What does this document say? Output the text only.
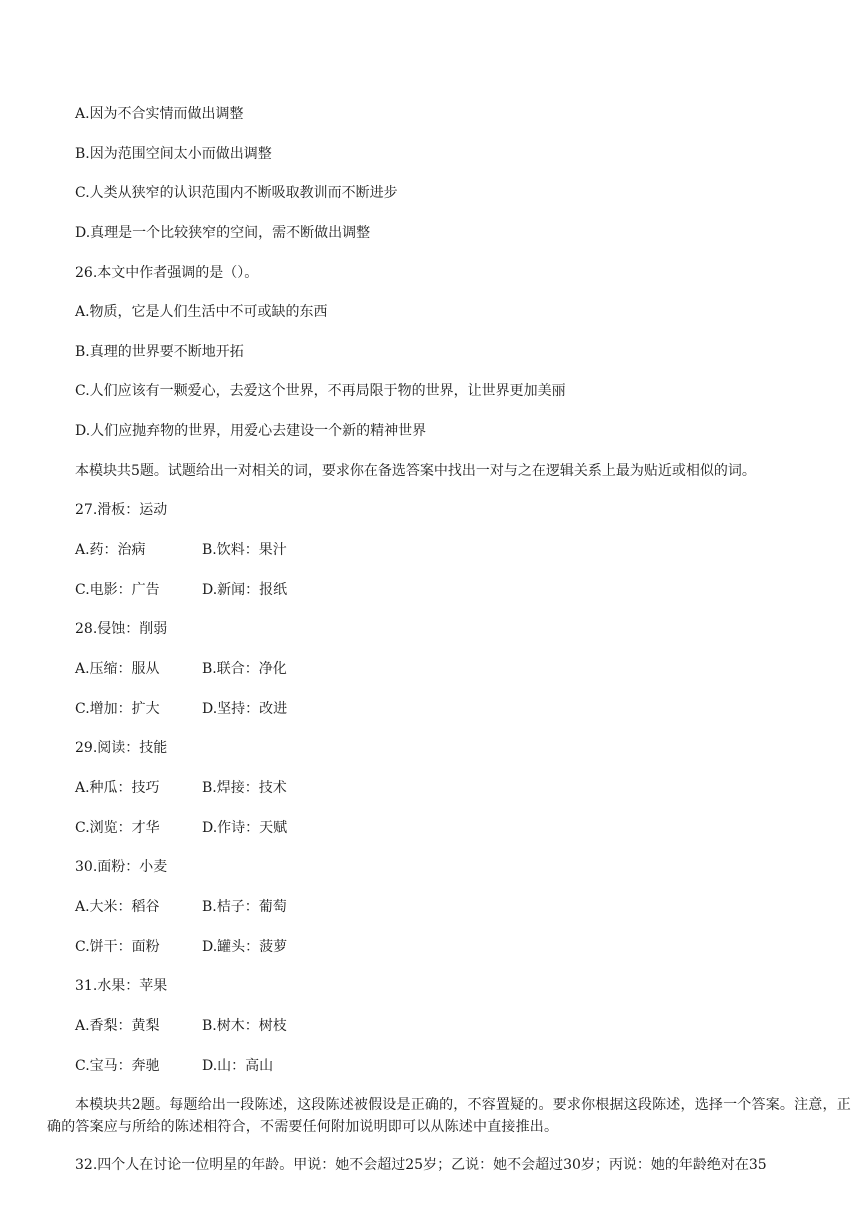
A.因为不合实情而做出调整
B.因为范围空间太小而做出调整
C.人类从狭窄的认识范围内不断吸取教训而不断进步
D.真理是一个比较狭窄的空间，需不断做出调整
26.本文中作者强调的是（）。
A.物质，它是人们生活中不可或缺的东西
B.真理的世界要不断地开拓
C.人们应该有一颗爱心，去爱这个世界，不再局限于物的世界，让世界更加美丽
D.人们应抛弃物的世界，用爱心去建设一个新的精神世界
本模块共5题。试题给出一对相关的词，要求你在备选答案中找出一对与之在逻辑关系上最为贴近或相似的词。
27.滑板：运动
A.药：治病	B.饮料：果汁
C.电影：广告	D.新闻：报纸
28.侵蚀：削弱
A.压缩：服从	B.联合：净化
C.增加：扩大	D.坚持：改进
29.阅读：技能
A.种瓜：技巧	B.焊接：技术
C.浏览：才华	D.作诗：天赋
30.面粉：小麦
A.大米：稻谷	B.桔子：葡萄
C.饼干：面粉	D.罐头：菠萝
31.水果：苹果
A.香梨：黄梨	B.树木：树枝
C.宝马：奔驰	D.山：高山
本模块共2题。每题给出一段陈述，这段陈述被假设是正确的，不容置疑的。要求你根据这段陈述，选择一个答案。注意，正确的答案应与所给的陈述相符合，不需要任何附加说明即可以从陈述中直接推出。
32.四个人在讨论一位明星的年龄。甲说：她不会超过25岁；乙说：她不会超过30岁；丙说：她的年龄绝对在35
